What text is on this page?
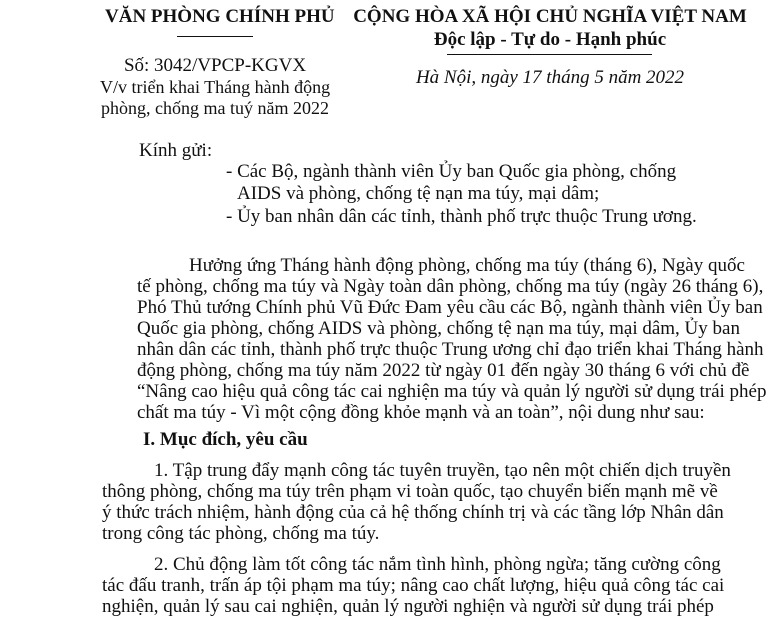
VĂN PHÒNG CHÍNH PHỦ
Số: 3042/VPCP-KGVX
V/v triển khai Tháng hành động
phòng, chống ma tuý năm 2022
CỘNG HÒA XÃ HỘI CHỦ NGHĨA VIỆT NAM
Độc lập - Tự do - Hạnh phúc
Hà Nội, ngày 17 tháng 5 năm 2022
Kính gửi:
- Các Bộ, ngành thành viên Ủy ban Quốc gia phòng, chống
AIDS và phòng, chống tệ nạn ma túy, mại dâm;
- Ủy ban nhân dân các tỉnh, thành phố trực thuộc Trung ương.
Hưởng ứng Tháng hành động phòng, chống ma túy (tháng 6), Ngày quốc
tế phòng, chống ma túy và Ngày toàn dân phòng, chống ma túy (ngày 26 tháng 6),
Phó Thủ tướng Chính phủ Vũ Đức Đam yêu cầu các Bộ, ngành thành viên Ủy ban
Quốc gia phòng, chống AIDS và phòng, chống tệ nạn ma túy, mại dâm, Ủy ban
nhân dân các tỉnh, thành phố trực thuộc Trung ương chỉ đạo triển khai Tháng hành
động phòng, chống ma túy năm 2022 từ ngày 01 đến ngày 30 tháng 6 với chủ đề
“Nâng cao hiệu quả công tác cai nghiện ma túy và quản lý người sử dụng trái phép
chất ma túy - Vì một cộng đồng khỏe mạnh và an toàn”, nội dung như sau:
I. Mục đích, yêu cầu
1. Tập trung đẩy mạnh công tác tuyên truyền, tạo nên một chiến dịch truyền
thông phòng, chống ma túy trên phạm vi toàn quốc, tạo chuyển biến mạnh mẽ về
ý thức trách nhiệm, hành động của cả hệ thống chính trị và các tầng lớp Nhân dân
trong công tác phòng, chống ma túy.
2. Chủ động làm tốt công tác nắm tình hình, phòng ngừa; tăng cường công
tác đấu tranh, trấn áp tội phạm ma túy; nâng cao chất lượng, hiệu quả công tác cai
nghiện, quản lý sau cai nghiện, quản lý người nghiện và người sử dụng trái phép
